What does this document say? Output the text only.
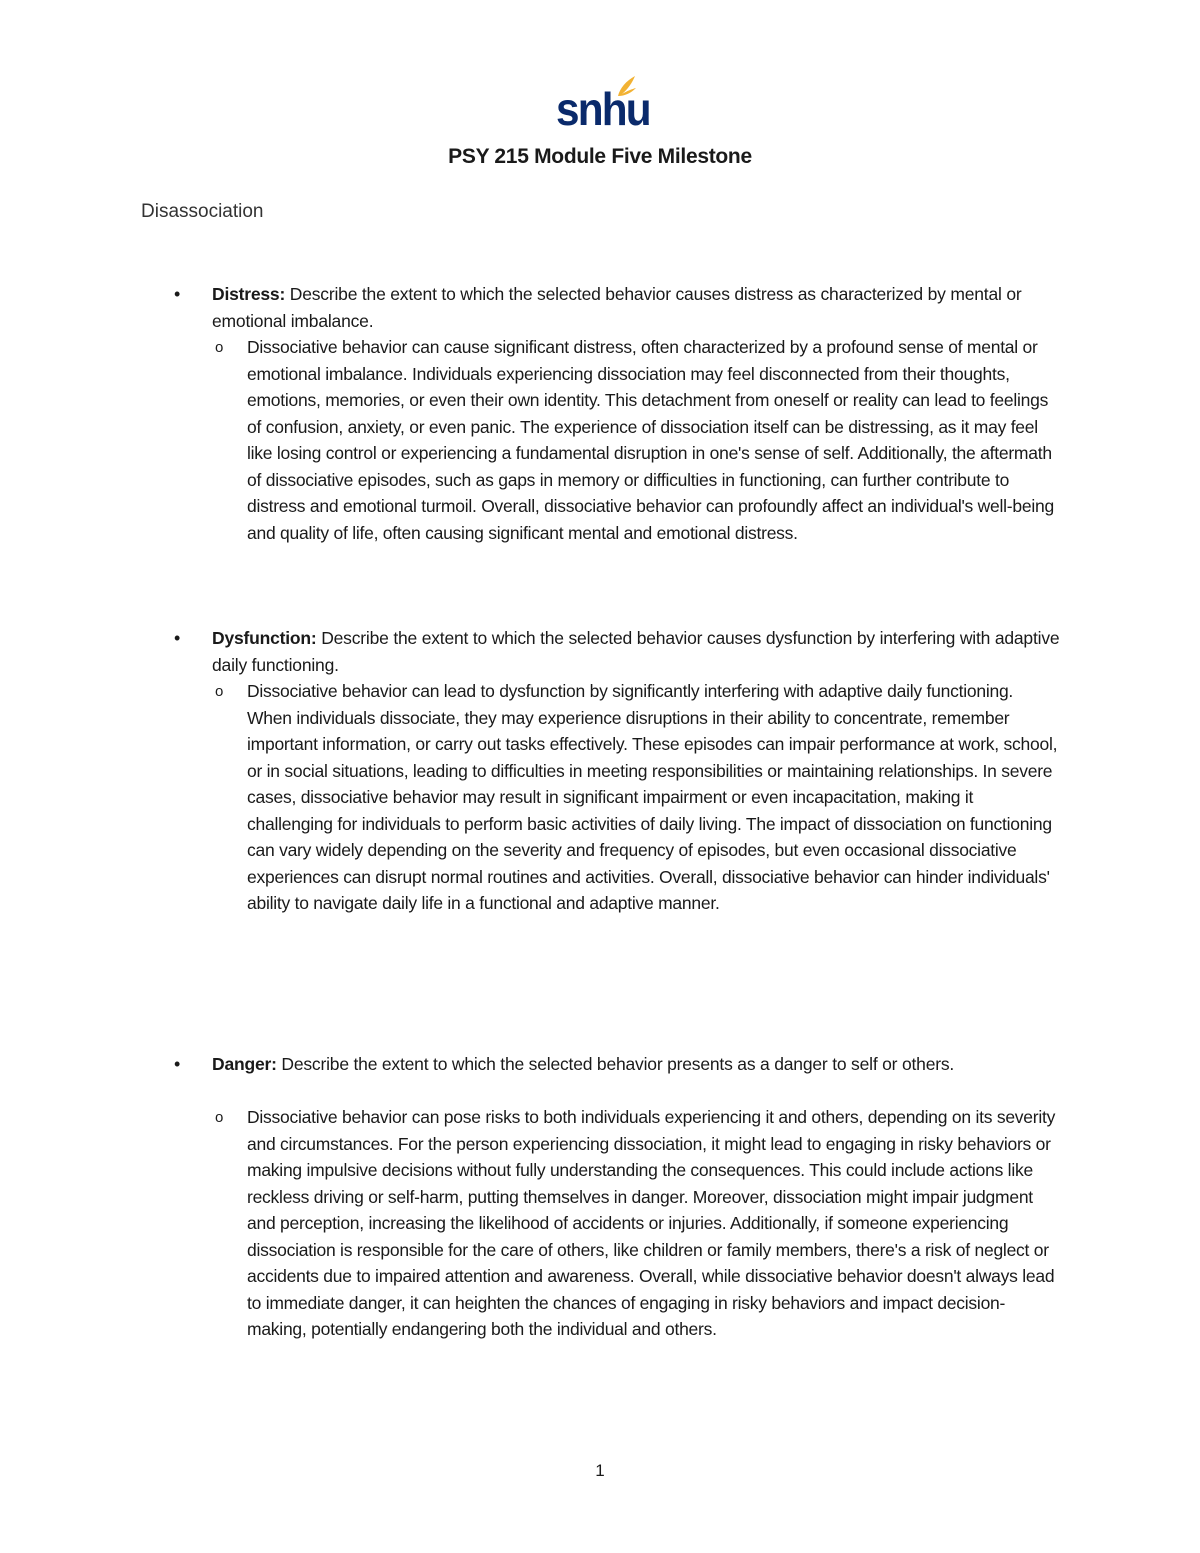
snhu
PSY 215 Module Five Milestone
Disassociation
• Distress: Describe the extent to which the selected behavior causes distress as characterized by mental or emotional imbalance.
o Dissociative behavior can cause significant distress, often characterized by a profound sense of mental or emotional imbalance. Individuals experiencing dissociation may feel disconnected from their thoughts, emotions, memories, or even their own identity. This detachment from oneself or reality can lead to feelings of confusion, anxiety, or even panic. The experience of dissociation itself can be distressing, as it may feel like losing control or experiencing a fundamental disruption in one's sense of self. Additionally, the aftermath of dissociative episodes, such as gaps in memory or difficulties in functioning, can further contribute to distress and emotional turmoil. Overall, dissociative behavior can profoundly affect an individual's well-being and quality of life, often causing significant mental and emotional distress.
• Dysfunction: Describe the extent to which the selected behavior causes dysfunction by interfering with adaptive daily functioning.
o Dissociative behavior can lead to dysfunction by significantly interfering with adaptive daily functioning. When individuals dissociate, they may experience disruptions in their ability to concentrate, remember important information, or carry out tasks effectively. These episodes can impair performance at work, school, or in social situations, leading to difficulties in meeting responsibilities or maintaining relationships. In severe cases, dissociative behavior may result in significant impairment or even incapacitation, making it challenging for individuals to perform basic activities of daily living. The impact of dissociation on functioning can vary widely depending on the severity and frequency of episodes, but even occasional dissociative experiences can disrupt normal routines and activities. Overall, dissociative behavior can hinder individuals' ability to navigate daily life in a functional and adaptive manner.
• Danger: Describe the extent to which the selected behavior presents as a danger to self or others.
o Dissociative behavior can pose risks to both individuals experiencing it and others, depending on its severity and circumstances. For the person experiencing dissociation, it might lead to engaging in risky behaviors or making impulsive decisions without fully understanding the consequences. This could include actions like reckless driving or self-harm, putting themselves in danger. Moreover, dissociation might impair judgment and perception, increasing the likelihood of accidents or injuries. Additionally, if someone experiencing dissociation is responsible for the care of others, like children or family members, there's a risk of neglect or accidents due to impaired attention and awareness. Overall, while dissociative behavior doesn't always lead to immediate danger, it can heighten the chances of engaging in risky behaviors and impact decision-making, potentially endangering both the individual and others.
1
